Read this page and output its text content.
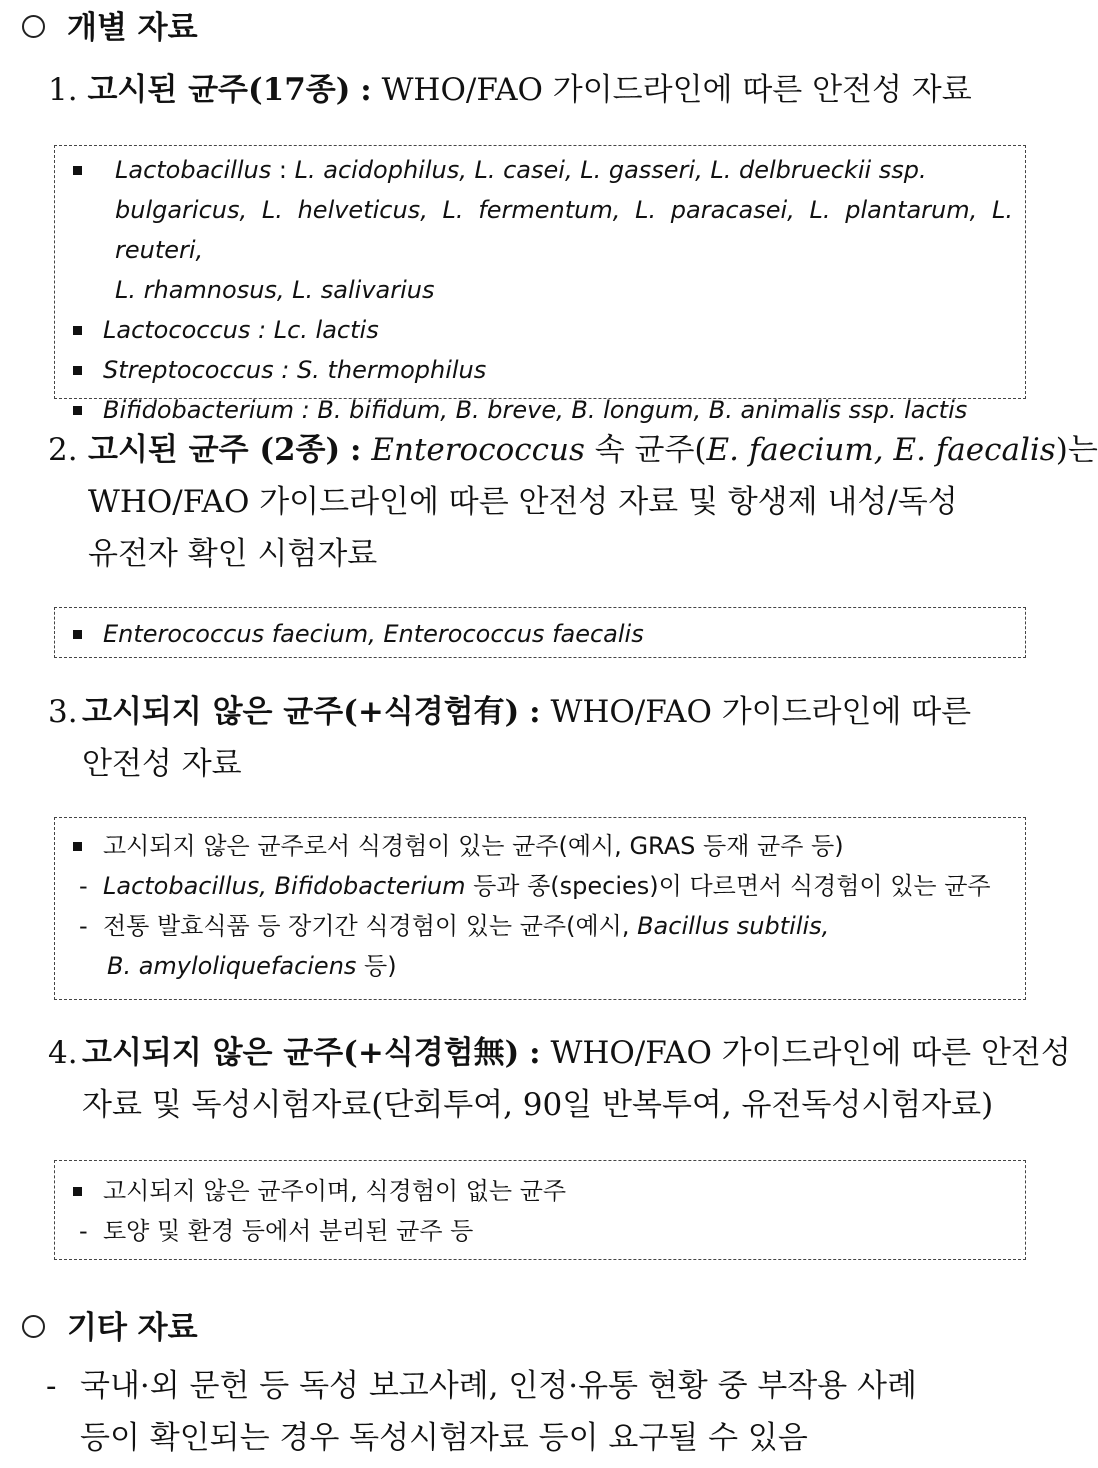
개별 자료
1. 고시된 균주(17종) : WHO/FAO 가이드라인에 따른 안전성 자료
Lactobacillus : L. acidophilus, L. casei, L. gasseri, L. delbrueckii ssp.
bulgaricus, L. helveticus, L. fermentum, L. paracasei, L. plantarum, L. reuteri,
L. rhamnosus, L. salivarius
Lactococcus : Lc. lactis
Streptococcus : S. thermophilus
Bifidobacterium : B. bifidum, B. breve, B. longum, B. animalis ssp. lactis
2. 고시된 균주 (2종) : Enterococcus 속 균주(E. faecium, E. faecalis)는
WHO/FAO 가이드라인에 따른 안전성 자료 및 항생제 내성/독성
유전자 확인 시험자료
Enterococcus faecium, Enterococcus faecalis
3. 고시되지 않은 균주(+식경험有) : WHO/FAO 가이드라인에 따른
안전성 자료
고시되지 않은 균주로서 식경험이 있는 균주(예시, GRAS 등재 균주 등)
- Lactobacillus, Bifidobacterium 등과 종(species)이 다르면서 식경험이 있는 균주
- 전통 발효식품 등 장기간 식경험이 있는 균주(예시, Bacillus subtilis,
B. amyloliquefaciens 등)
4. 고시되지 않은 균주(+식경험無) : WHO/FAO 가이드라인에 따른 안전성
자료 및 독성시험자료(단회투여, 90일 반복투여, 유전독성시험자료)
고시되지 않은 균주이며, 식경험이 없는 균주
- 토양 및 환경 등에서 분리된 균주 등
기타 자료
- 국내·외 문헌 등 독성 보고사례, 인정·유통 현황 중 부작용 사례
등이 확인되는 경우 독성시험자료 등이 요구될 수 있음
